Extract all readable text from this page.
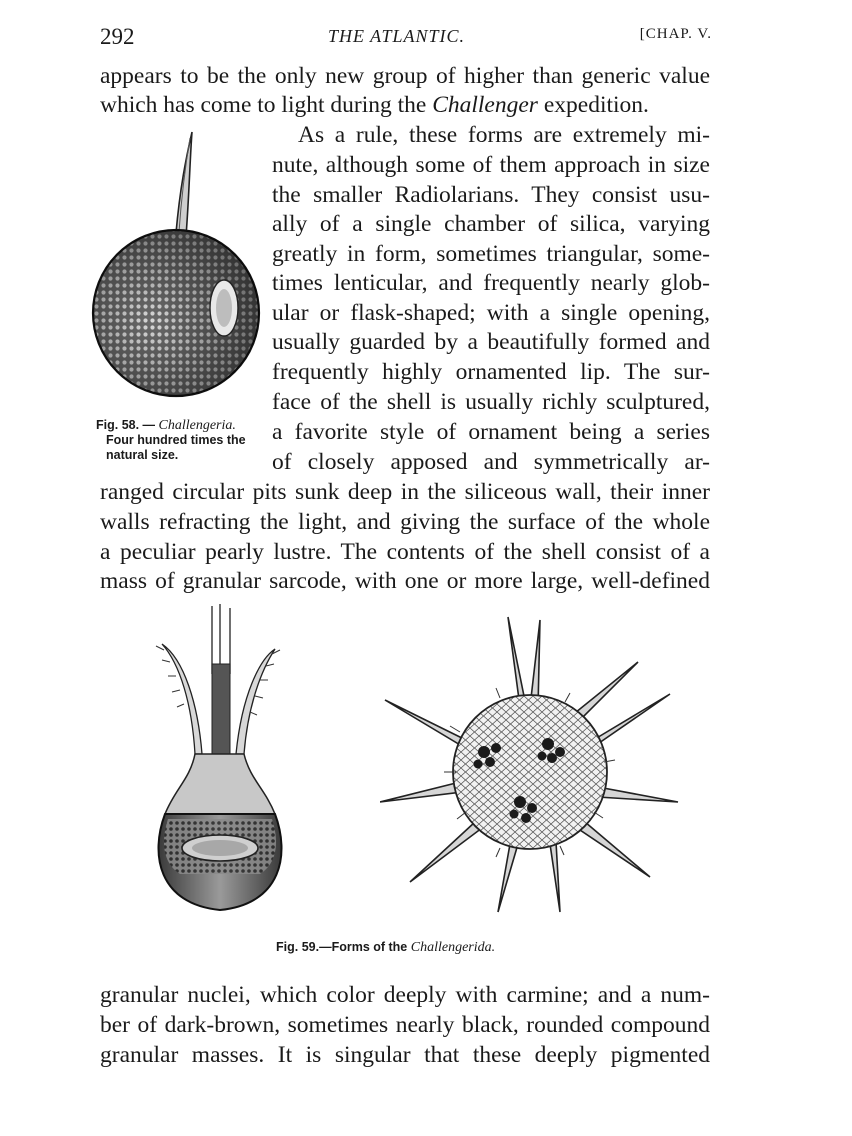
292	THE ATLANTIC.	[CHAP. V.
appears to be the only new group of higher than generic value
which has come to light during the Challenger expedition.
As a rule, these forms are extremely mi-
nute, although some of them approach in size
the smaller Radiolarians. They consist usu-
ally of a single chamber of silica, varying
greatly in form, sometimes triangular, some-
times lenticular, and frequently nearly glob-
ular or flask-shaped; with a single opening,
usually guarded by a beautifully formed and
frequently highly ornamented lip. The sur-
face of the shell is usually richly sculptured,
a favorite style of ornament being a series
of closely apposed and symmetrically ar-
ranged circular pits sunk deep in the siliceous wall, their inner
walls refracting the light, and giving the surface of the whole
a peculiar pearly lustre. The contents of the shell consist of a
mass of granular sarcode, with one or more large, well-defined
Fig. 58. — Challengeria.
Four hundred times the
natural size.
Fig. 59.—Forms of the Challengerida.
granular nuclei, which color deeply with carmine; and a num-
ber of dark-brown, sometimes nearly black, rounded compound
granular masses. It is singular that these deeply pigmented
